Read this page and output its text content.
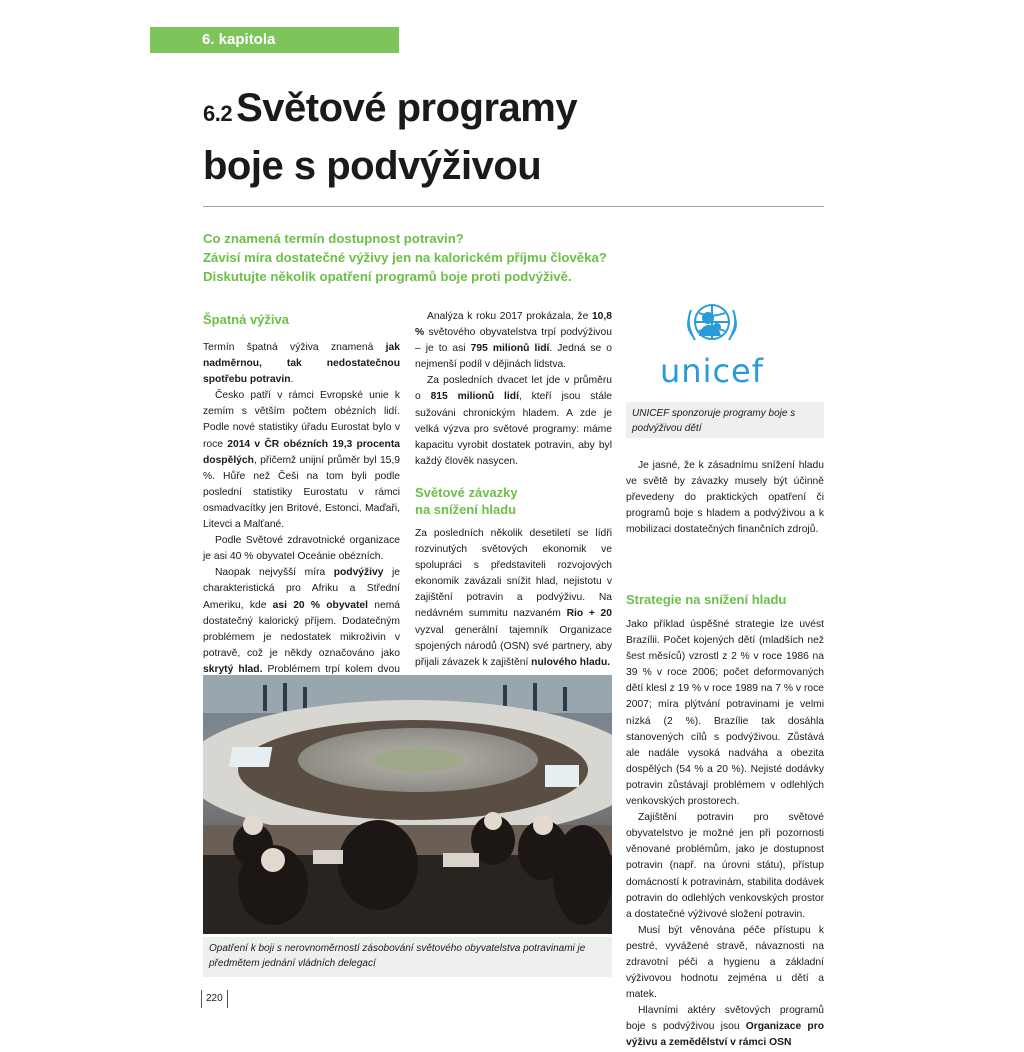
6. kapitola
6.2 Světové programy
boje s podvýživou
Co znamená termín dostupnost potravin?
Závisí míra dostatečné výživy jen na kalorickém příjmu člověka?
Diskutujte několik opatření programů boje proti podvýživě.
Špatná výživa

Termín špatná výživa znamená jak nadměrnou, tak nedostatečnou spotřebu potravin.

Česko patří v rámci Evropské unie k zemím s větším počtem obézních lidí. Podle nové statistiky úřadu Eurostat bylo v roce 2014 v ČR obézních 19,3 procenta dospělých, přičemž unijní průměr byl 15,9 %. Hůře než Češi na tom byli podle poslední statistiky Eurostatu v rámci osmadvacítky jen Britové, Estonci, Maďaři, Litevci a Malťané.

Podle Světové zdravotnické organizace je asi 40 % obyvatel Oceánie obézních.

Naopak nejvyšší míra podvýživy je charakteristická pro Afriku a Střední Ameriku, kde asi 20 % obyvatel nemá dostatečný kalorický příjem. Dodatečným problémem je nedostatek mikroživin v potravě, což je někdy označováno jako skrytý hlad. Problémem trpí kolem dvou

Analýza k roku 2017 prokázala, že 10,8 % světového obyvatelstva trpí podvýživou – je to asi 795 milionů lidí. Jedná se o nejmenší podíl v dějinách lidstva.

Za posledních dvacet let jde v průměru o 815 milionů lidí, kteří jsou stále sužováni chronickým hladem. A zde je velká výzva pro světové programy: máme kapacitu vyrobit dostatek potravin, aby byl každý člověk nasycen.

Světové závazky na snížení hladu

Za posledních několik desetiletí se lídři rozvinutých světových ekonomik ve spolupráci s představiteli rozvojových ekonomik zavázali snížit hlad, nejistotu v zajištění potravin a podvýživu. Na nedávném summitu nazvaném Rio + 20 vyzval generální tajemník Organizace spojených národů (OSN) své partnery, aby přijali závazek k zajištění nulového hladu.

unicef
UNICEF sponzoruje programy boje s podvýživou dětí

Je jasné, že k zásadnímu snížení hladu ve světě by závazky musely být účinně převedeny do praktických opatření či programů boje s hladem a podvýživou a k mobilizaci dostatečných finančních zdrojů.

Strategie na snížení hladu

Jako příklad úspěšné strategie lze uvést Brazílii. Počet kojených dětí (mladších než šest měsíců) vzrostl z 2 % v roce 1986 na 39 % v roce 2006; počet deformovaných dětí klesl z 19 % v roce 1989 na 7 % v roce 2007; míra plýtvání potravinami je velmi nízká (2 %). Brazílie tak dosáhla stanovených cílů s podvýživou. Zůstává ale nadále vysoká nadváha a obezita dospělých (54 % a 20 %). Nejisté dodávky potravin zůstávají problémem v odlehlých venkovských prostorech.

Zajištění potravin pro světové obyvatelstvo je možné jen při pozornosti věnované problémům, jako je dostupnost potravin (např. na úrovni státu), přístup domácností k potravinám, stabilita dodávek potravin do odlehlých venkovských prostor a dostatečné výživové složení potravin.

Musí být věnována péče přístupu k pestré, vyvážené stravě, návaznosti na zdravotní péči a hygienu a základní výživovou hodnotu zejména u dětí a matek.

Hlavními aktéry světových programů boje s podvýživou jsou Organizace pro výživu a zemědělství v rámci OSN

Opatření k boji s nerovnoměrností zásobování světového obyvatelstva potravinami je předmětem jednání vládních delegací
220
